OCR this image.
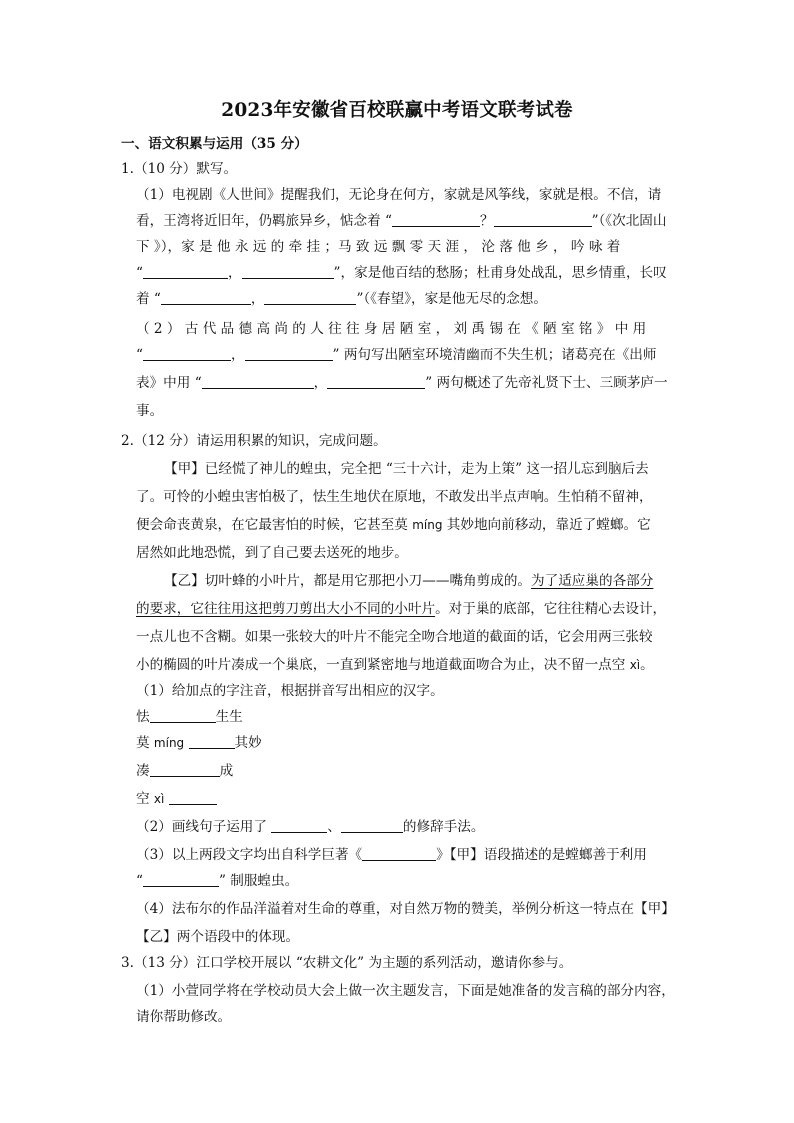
2023年安徽省百校联赢中考语文联考试卷
一、语文积累与运用（35 分）
1.（10 分）默写。
（1）电视剧《人世间》提醒我们，无论身在何方，家就是风筝线，家就是根。不信，请
看，王湾将近旧年，仍羁旅异乡，惦念着 “	？	”（《次北固山
下 》），家 是 他 永 远 的 牵 挂 ；马 致 远 飘 零 天 涯 ， 沦 落 他 乡 ， 吟 咏 着
“	，	”，家是他百结的愁肠；杜甫身处战乱，思乡情重，长叹
着 “	，	”（《春望》，家是他无尽的念想。
（ 2 ） 古 代 品 德 高 尚 的 人 往 往 身 居 陋 室 ， 刘 禹 锡 在 《 陋 室 铭 》 中 用
“	，	” 两句写出陋室环境清幽而不失生机；诸葛亮在《出师
表》中用 “	，	” 两句概述了先帝礼贤下士、三顾茅庐一
事。
2.（12 分）请运用积累的知识，完成问题。
【甲】已经慌了神儿的蝗虫，完全把 “三十六计，走为上策” 这一招儿忘到脑后去
了。可怜的小蝗虫害怕极了，怯生生地伏在原地，不敢发出半点声响。生怕稍不留神，
便会命丧黄泉，在它最害怕的时候，它甚至莫 míng 其妙地向前移动，靠近了螳螂。它
居然如此地恐慌，到了自己要去送死的地步。
【乙】切叶蜂的小叶片，都是用它那把小刀——嘴角剪成的。为了适应巢的各部分
的要求，它往往用这把剪刀剪出大小不同的小叶片。对于巢的底部，它往往精心去设计，
一点儿也不含糊。如果一张较大的叶片不能完全吻合地道的截面的话，它会用两三张较
小的椭圆的叶片凑成一个巢底，一直到紧密地与地道截面吻合为止，决不留一点空 xì。
（1）给加点的字注音，根据拼音写出相应的汉字。
怯	生生
莫 míng	其妙
凑	成
空 xì
（2）画线句子运用了	、	的修辞手法。
（3）以上两段文字均出自科学巨著《	》【甲】语段描述的是螳螂善于利用
“	” 制服蝗虫。
（4）法布尔的作品洋溢着对生命的尊重，对自然万物的赞美，举例分析这一特点在【甲】
【乙】两个语段中的体现。
3.（13 分）江口学校开展以 “农耕文化” 为主题的系列活动，邀请你参与。
（1）小萱同学将在学校动员大会上做一次主题发言，下面是她准备的发言稿的部分内容，
请你帮助修改。
